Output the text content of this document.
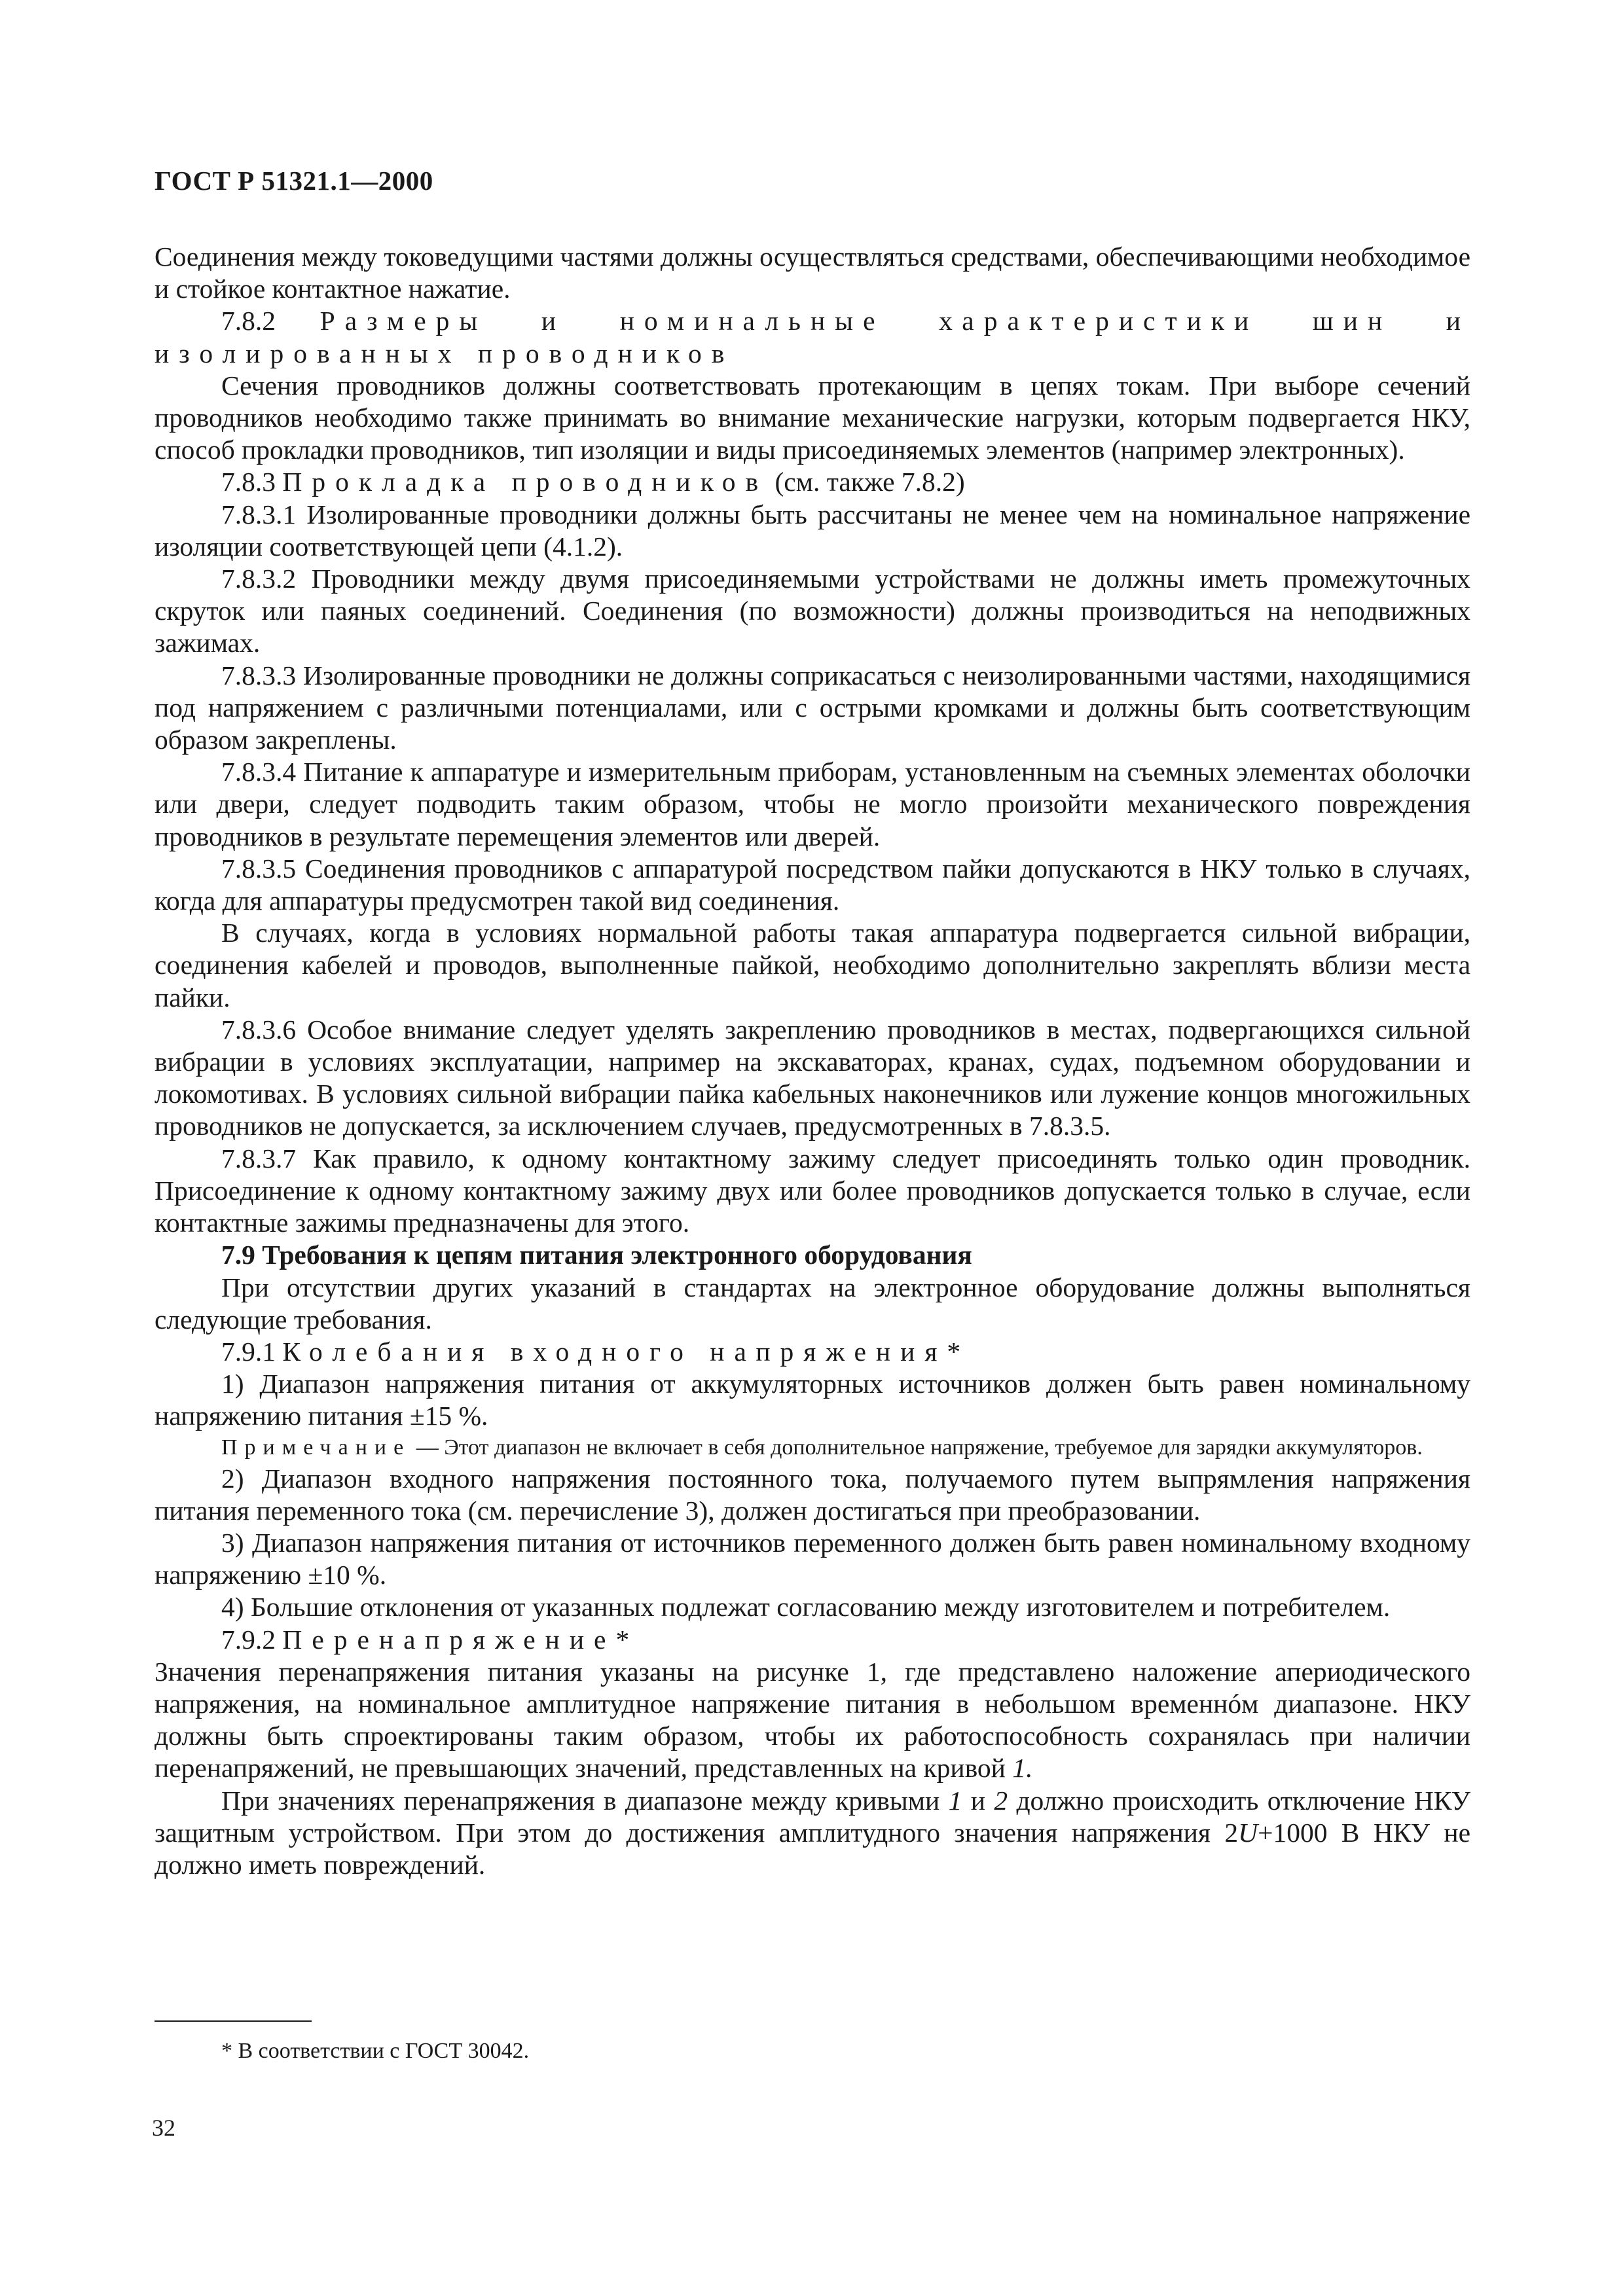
ГОСТ Р 51321.1—2000

Соединения между токоведущими частями должны осуществляться средствами, обеспечивающими необходимое и стойкое контактное нажатие.

7.8.2 Размеры и номинальные характеристики шин и изолированных проводников

Сечения проводников должны соответствовать протекающим в цепях токам. При выборе сечений проводников необходимо также принимать во внимание механические нагрузки, которым подвергается НКУ, способ прокладки проводников, тип изоляции и виды присоединяемых элементов (например электронных).

7.8.3 Прокладка проводников (см. также 7.8.2)

7.8.3.1 Изолированные проводники должны быть рассчитаны не менее чем на номинальное напряжение изоляции соответствующей цепи (4.1.2).

7.8.3.2 Проводники между двумя присоединяемыми устройствами не должны иметь промежуточных скруток или паяных соединений. Соединения (по возможности) должны производиться на неподвижных зажимах.

7.8.3.3 Изолированные проводники не должны соприкасаться с неизолированными частями, находящимися под напряжением с различными потенциалами, или с острыми кромками и должны быть соответствующим образом закреплены.

7.8.3.4 Питание к аппаратуре и измерительным приборам, установленным на съемных элементах оболочки или двери, следует подводить таким образом, чтобы не могло произойти механического повреждения проводников в результате перемещения элементов или дверей.

7.8.3.5 Соединения проводников с аппаратурой посредством пайки допускаются в НКУ только в случаях, когда для аппаратуры предусмотрен такой вид соединения.

В случаях, когда в условиях нормальной работы такая аппаратура подвергается сильной вибрации, соединения кабелей и проводов, выполненные пайкой, необходимо дополнительно закреплять вблизи места пайки.

7.8.3.6 Особое внимание следует уделять закреплению проводников в местах, подвергающихся сильной вибрации в условиях эксплуатации, например на экскаваторах, кранах, судах, подъемном оборудовании и локомотивах. В условиях сильной вибрации пайка кабельных наконечников или лужение концов многожильных проводников не допускается, за исключением случаев, предусмотренных в 7.8.3.5.

7.8.3.7 Как правило, к одному контактному зажиму следует присоединять только один проводник. Присоединение к одному контактному зажиму двух или более проводников допускается только в случае, если контактные зажимы предназначены для этого.

7.9 Требования к цепям питания электронного оборудования

При отсутствии других указаний в стандартах на электронное оборудование должны выполняться следующие требования.

7.9.1 Колебания входного напряжения*

1) Диапазон напряжения питания от аккумуляторных источников должен быть равен номинальному напряжению питания ±15 %.

Примечание — Этот диапазон не включает в себя дополнительное напряжение, требуемое для зарядки аккумуляторов.

2) Диапазон входного напряжения постоянного тока, получаемого путем выпрямления напряжения питания переменного тока (см. перечисление 3), должен достигаться при преобразовании.

3) Диапазон напряжения питания от источников переменного должен быть равен номинальному входному напряжению ±10 %.

4) Большие отклонения от указанных подлежат согласованию между изготовителем и потребителем.

7.9.2 Перенапряжение*

Значения перенапряжения питания указаны на рисунке 1, где представлено наложение апериодического напряжения, на номинальное амплитудное напряжение питания в небольшом временнóм диапазоне. НКУ должны быть спроектированы таким образом, чтобы их работоспособность сохранялась при наличии перенапряжений, не превышающих значений, представленных на кривой 1.

При значениях перенапряжения в диапазоне между кривыми 1 и 2 должно происходить отключение НКУ защитным устройством. При этом до достижения амплитудного значения напряжения 2U+1000 В НКУ не должно иметь повреждений.

* В соответствии с ГОСТ 30042.
32
